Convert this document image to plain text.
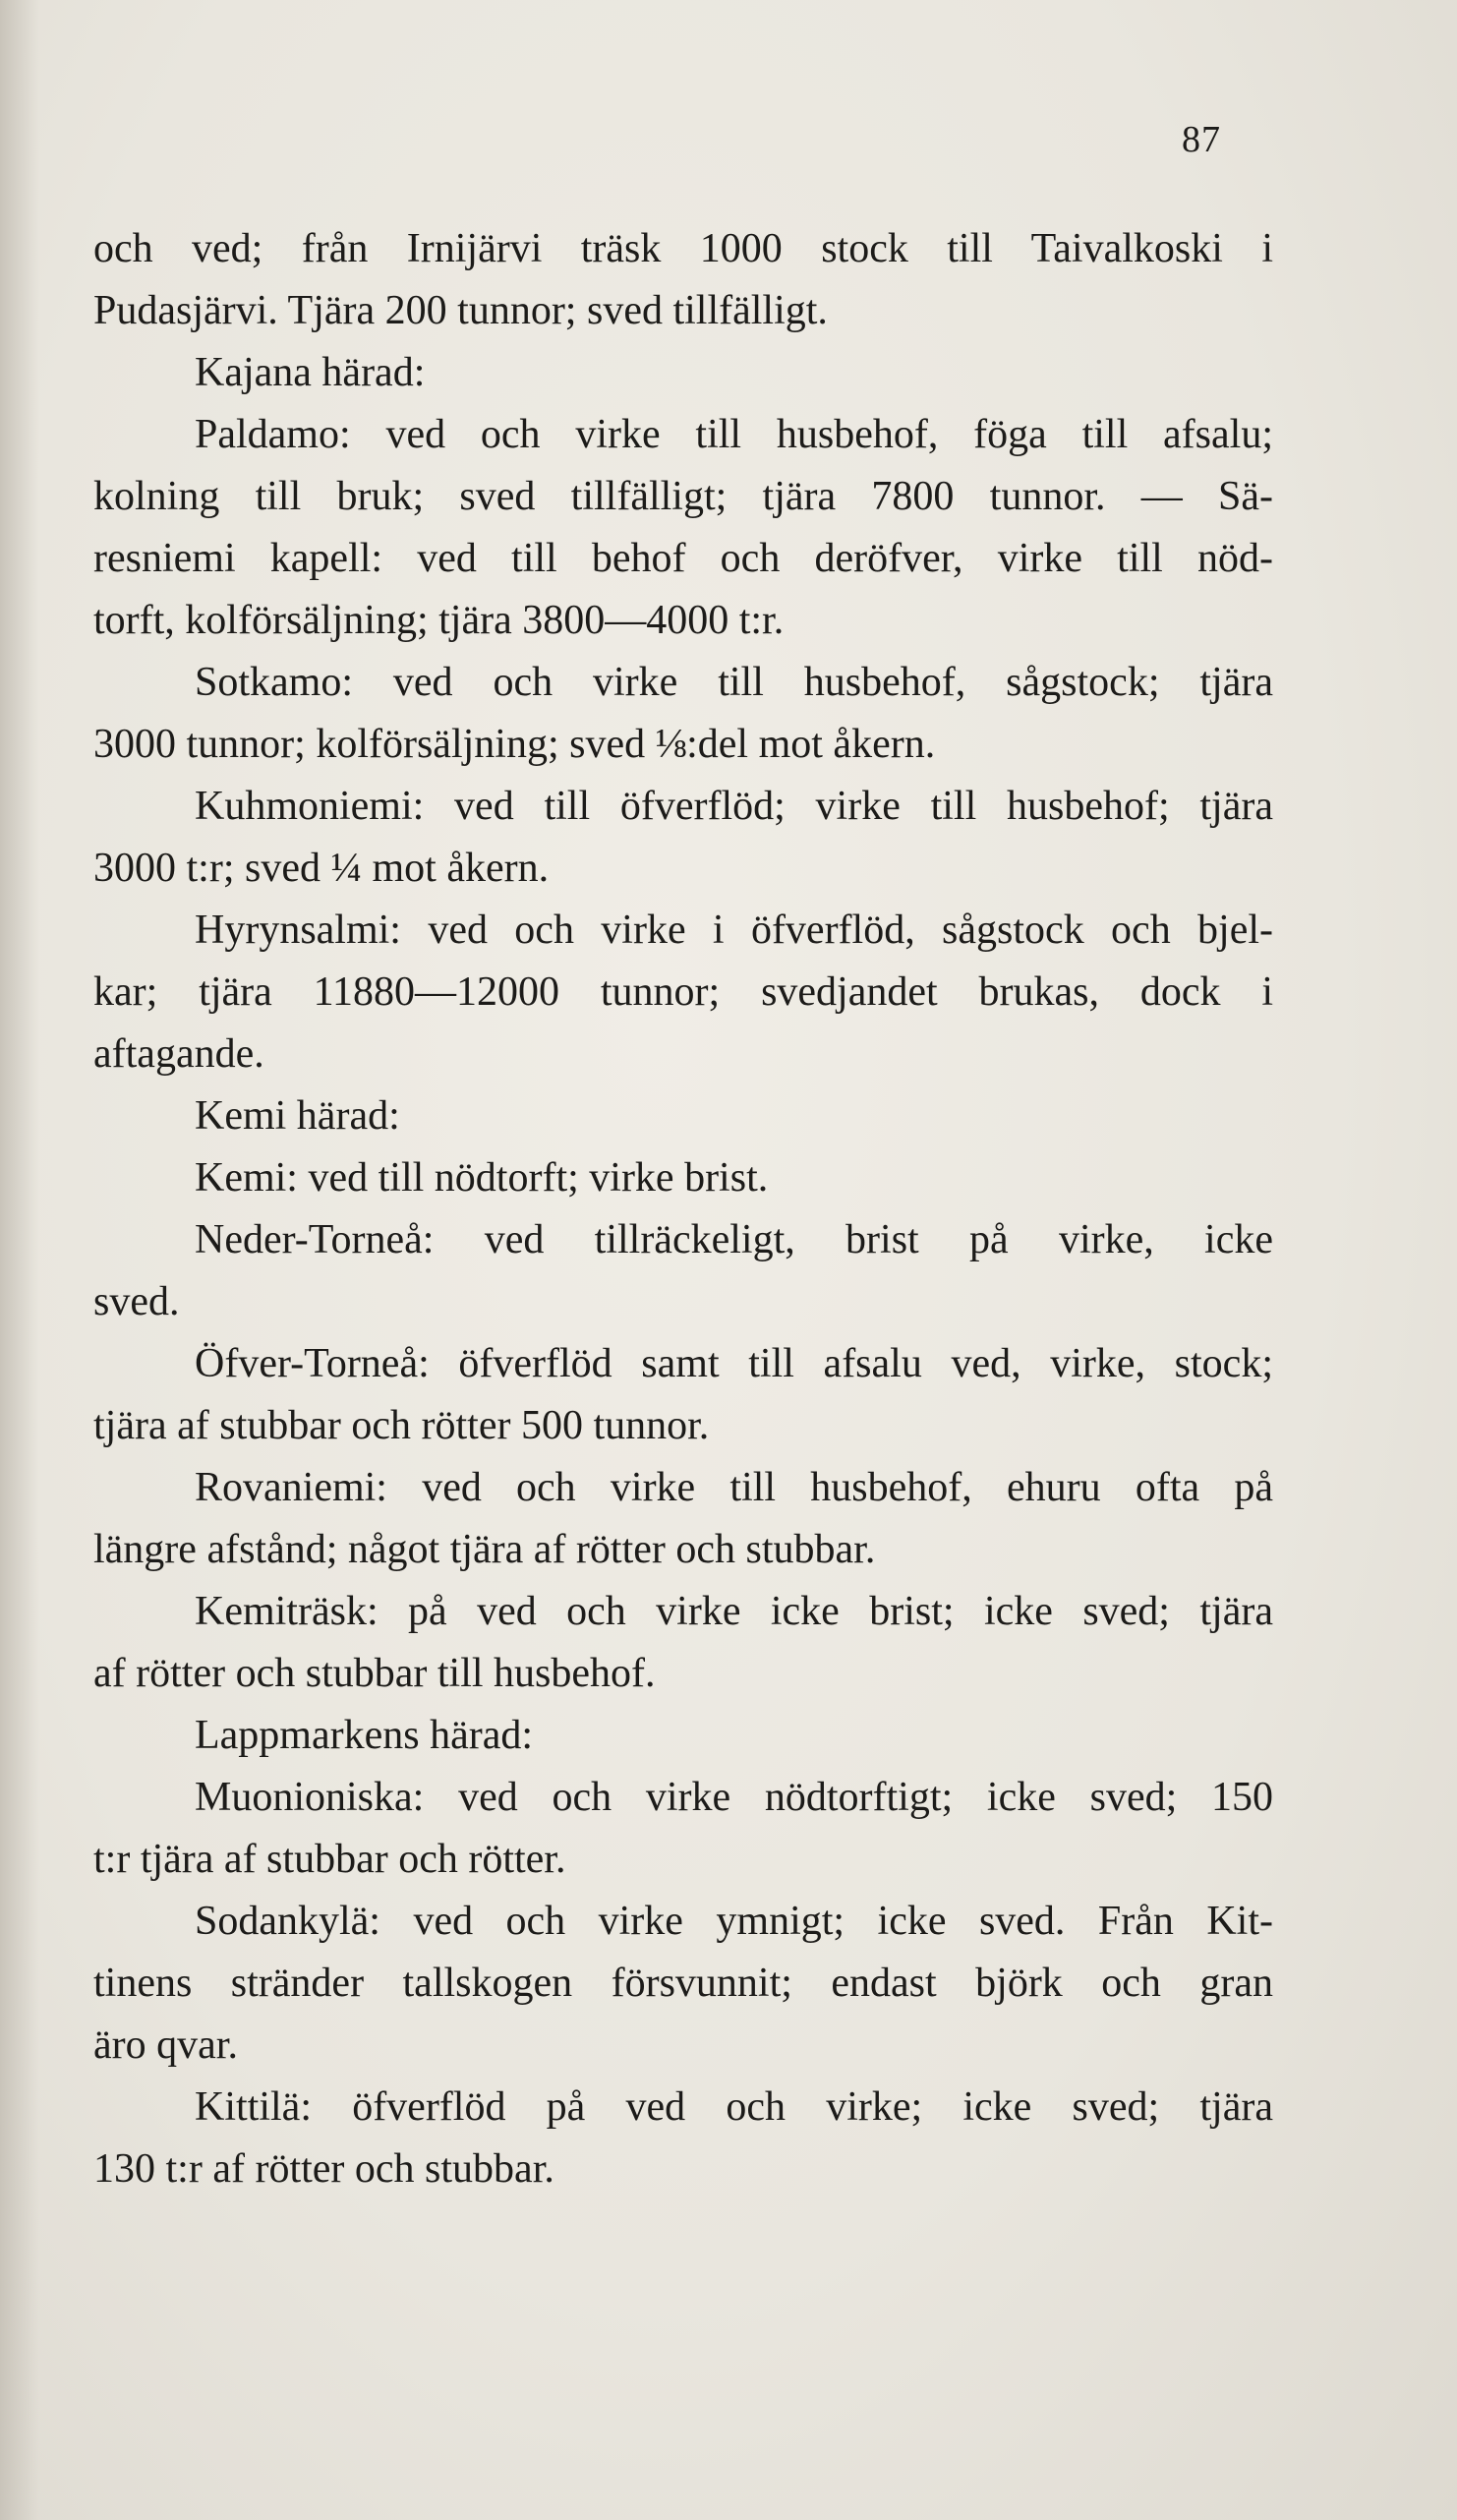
87
och ved; från Irnijärvi träsk 1000 stock till Taivalkoski i
Pudasjärvi. Tjära 200 tunnor; sved tillfälligt.
Kajana härad:
Paldamo: ved och virke till husbehof, föga till afsalu;
kolning till bruk; sved tillfälligt; tjära 7800 tunnor. — Sä-
resniemi kapell: ved till behof och deröfver, virke till nöd-
torft, kolförsäljning; tjära 3800—4000 t:r.
Sotkamo: ved och virke till husbehof, sågstock; tjära
3000 tunnor; kolförsäljning; sved ⅛:del mot åkern.
Kuhmoniemi: ved till öfverflöd; virke till husbehof; tjära
3000 t:r; sved ¼ mot åkern.
Hyrynsalmi: ved och virke i öfverflöd, sågstock och bjel-
kar; tjära 11880—12000 tunnor; svedjandet brukas, dock i
aftagande.
Kemi härad:
Kemi: ved till nödtorft; virke brist.
Neder-Torneå: ved tillräckeligt, brist på virke, icke
sved.
Öfver-Torneå: öfverflöd samt till afsalu ved, virke, stock;
tjära af stubbar och rötter 500 tunnor.
Rovaniemi: ved och virke till husbehof, ehuru ofta på
längre afstånd; något tjära af rötter och stubbar.
Kemiträsk: på ved och virke icke brist; icke sved; tjära
af rötter och stubbar till husbehof.
Lappmarkens härad:
Muonioniska: ved och virke nödtorftigt; icke sved; 150
t:r tjära af stubbar och rötter.
Sodankylä: ved och virke ymnigt; icke sved. Från Kit-
tinens stränder tallskogen försvunnit; endast björk och gran
äro qvar.
Kittilä: öfverflöd på ved och virke; icke sved; tjära
130 t:r af rötter och stubbar.
